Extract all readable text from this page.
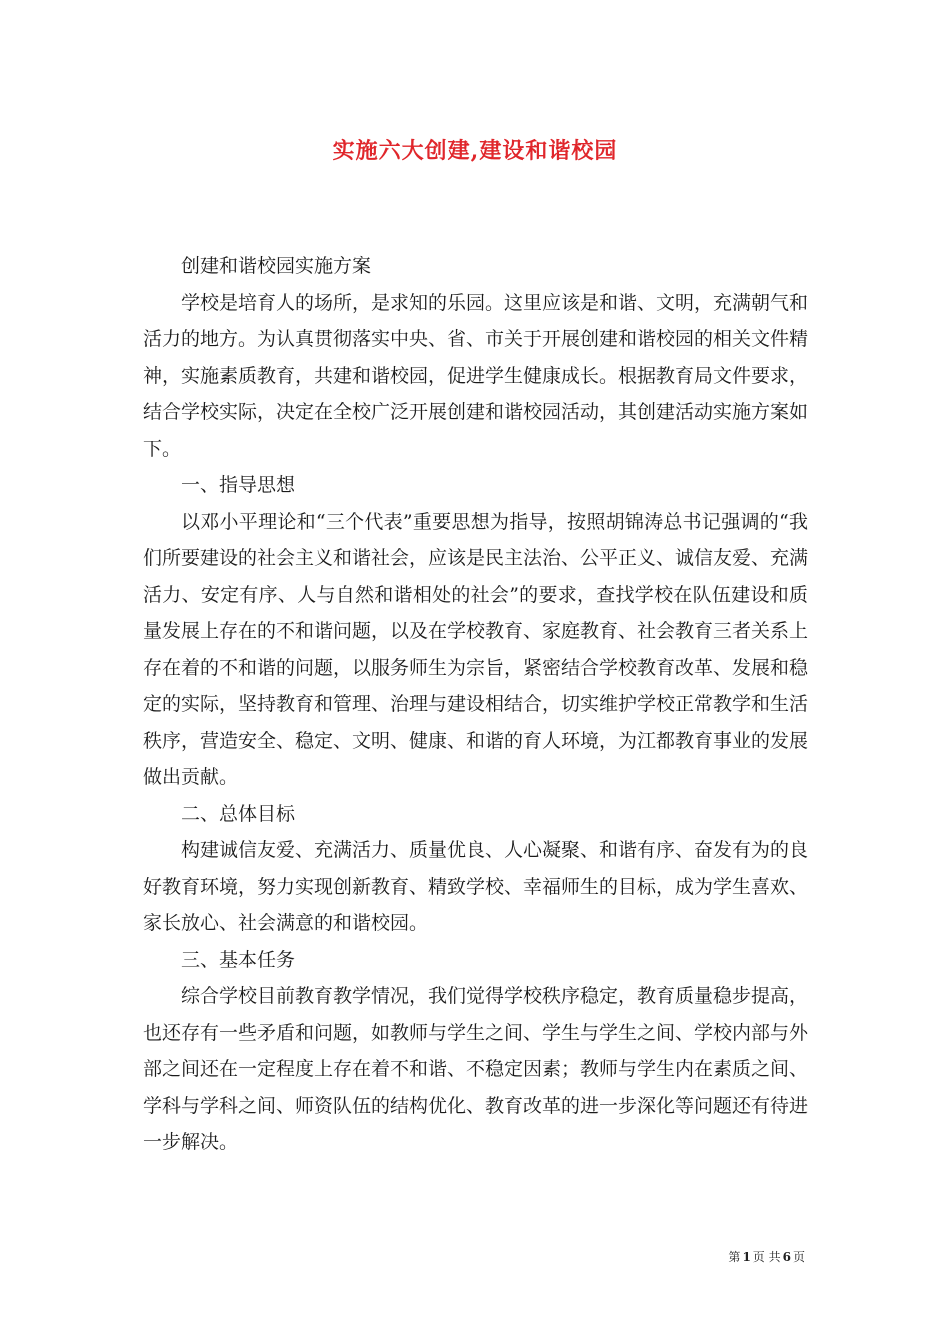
实施六大创建,建设和谐校园

创建和谐校园实施方案

学校是培育人的场所，是求知的乐园。这里应该是和谐、文明，充满朝气和活力的地方。为认真贯彻落实中央、省、市关于开展创建和谐校园的相关文件精神，实施素质教育，共建和谐校园，促进学生健康成长。根据教育局文件要求，结合学校实际，决定在全校广泛开展创建和谐校园活动，其创建活动实施方案如下。

一、指导思想

以邓小平理论和“三个代表”重要思想为指导，按照胡锦涛总书记强调的“我们所要建设的社会主义和谐社会，应该是民主法治、公平正义、诚信友爱、充满活力、安定有序、人与自然和谐相处的社会”的要求，查找学校在队伍建设和质量发展上存在的不和谐问题，以及在学校教育、家庭教育、社会教育三者关系上存在着的不和谐的问题，以服务师生为宗旨，紧密结合学校教育改革、发展和稳定的实际，坚持教育和管理、治理与建设相结合，切实维护学校正常教学和生活秩序，营造安全、稳定、文明、健康、和谐的育人环境，为江都教育事业的发展做出贡献。

二、总体目标

构建诚信友爱、充满活力、质量优良、人心凝聚、和谐有序、奋发有为的良好教育环境，努力实现创新教育、精致学校、幸福师生的目标，成为学生喜欢、家长放心、社会满意的和谐校园。

三、基本任务

综合学校目前教育教学情况，我们觉得学校秩序稳定，教育质量稳步提高，也还存有一些矛盾和问题，如教师与学生之间、学生与学生之间、学校内部与外部之间还在一定程度上存在着不和谐、不稳定因素；教师与学生内在素质之间、学科与学科之间、师资队伍的结构优化、教育改革的进一步深化等问题还有待进一步解决。

第 1 页 共 6 页
